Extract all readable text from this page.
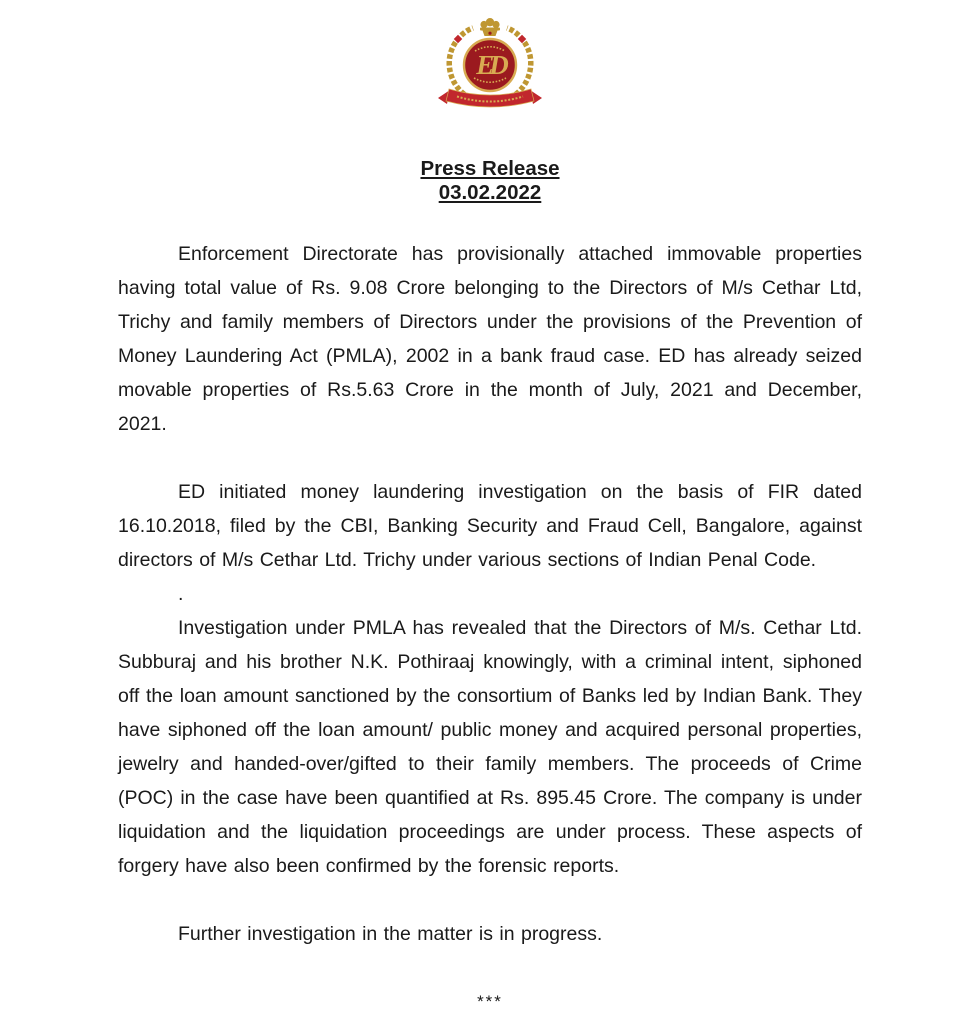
ED
Press Release
03.02.2022

Enforcement Directorate has provisionally attached immovable properties having total value of Rs. 9.08 Crore belonging to the Directors of M/s Cethar Ltd, Trichy and family members of Directors under the provisions of the Prevention of Money Laundering Act (PMLA), 2002 in a bank fraud case. ED has already seized movable properties of Rs.5.63 Crore in the month of July, 2021 and December, 2021.

ED initiated money laundering investigation on the basis of FIR dated 16.10.2018, filed by the CBI, Banking Security and Fraud Cell, Bangalore, against directors of M/s Cethar Ltd. Trichy under various sections of Indian Penal Code.

.

Investigation under PMLA has revealed that the Directors of M/s. Cethar Ltd. Subburaj and his brother N.K. Pothiraaj knowingly, with a criminal intent, siphoned off the loan amount sanctioned by the consortium of Banks led by Indian Bank. They have siphoned off the loan amount/ public money and acquired personal properties, jewelry and handed-over/gifted to their family members. The proceeds of Crime (POC) in the case have been quantified at Rs. 895.45 Crore. The company is under liquidation and the liquidation proceedings are under process. These aspects of forgery have also been confirmed by the forensic reports.

Further investigation in the matter is in progress.

***
